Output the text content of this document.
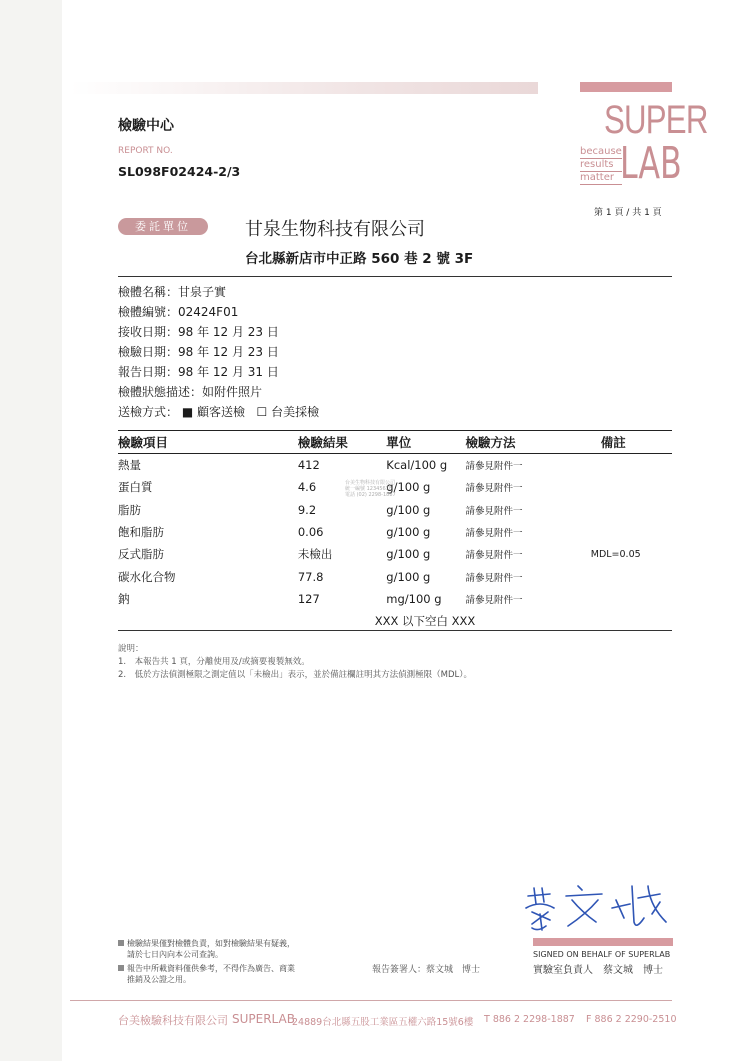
檢驗中心
REPORT NO.
SL098F02424-2/3
SUPER
because
results
matter LAB
第 1 頁 / 共 1 頁
委託單位	甘泉生物科技有限公司
台北縣新店市中正路 560 巷 2 號 3F
檢體名稱：甘泉子實
檢體編號：02424F01
接收日期：98 年 12 月 23 日
檢驗日期：98 年 12 月 23 日
報告日期：98 年 12 月 31 日
檢體狀態描述：如附件照片
送檢方式： ■ 顧客送檢 ☐ 台美採檢
檢驗項目	檢驗結果	單位	檢驗方法	備註
熱量	412	Kcal/100 g	請參見附件一	
蛋白質	4.6	g/100 g	請參見附件一	
脂肪	9.2	g/100 g	請參見附件一	
飽和脂肪	0.06	g/100 g	請參見附件一	
反式脂肪	未檢出	g/100 g	請參見附件一	MDL=0.05
碳水化合物	77.8	g/100 g	請參見附件一	
鈉	127	mg/100 g	請參見附件一	
XXX 以下空白 XXX				
台美生物科技有限公司
統一編號 12345678
電話 (02) 2298-1887
說明：
1.　本報告共 1 頁，分離使用及/或摘要複製無效。
2.　低於方法偵測極限之測定值以「未檢出」表示，並於備註欄註明其方法偵測極限（MDL）。
SIGNED ON BEHALF OF SUPERLAB
實驗室負責人　蔡文城　博士
報告簽署人：蔡文城　博士
檢驗結果僅對檢體負責，如對檢驗結果有疑義，
請於七日內向本公司查詢。
報告中所載資料僅供參考，不得作為廣告、商業
推銷及公證之用。
台美檢驗科技有限公司 SUPERLAB
24889台北縣五股工業區五權六路15號6樓 T 886 2 2298-1887 F 886 2 2290-2510
